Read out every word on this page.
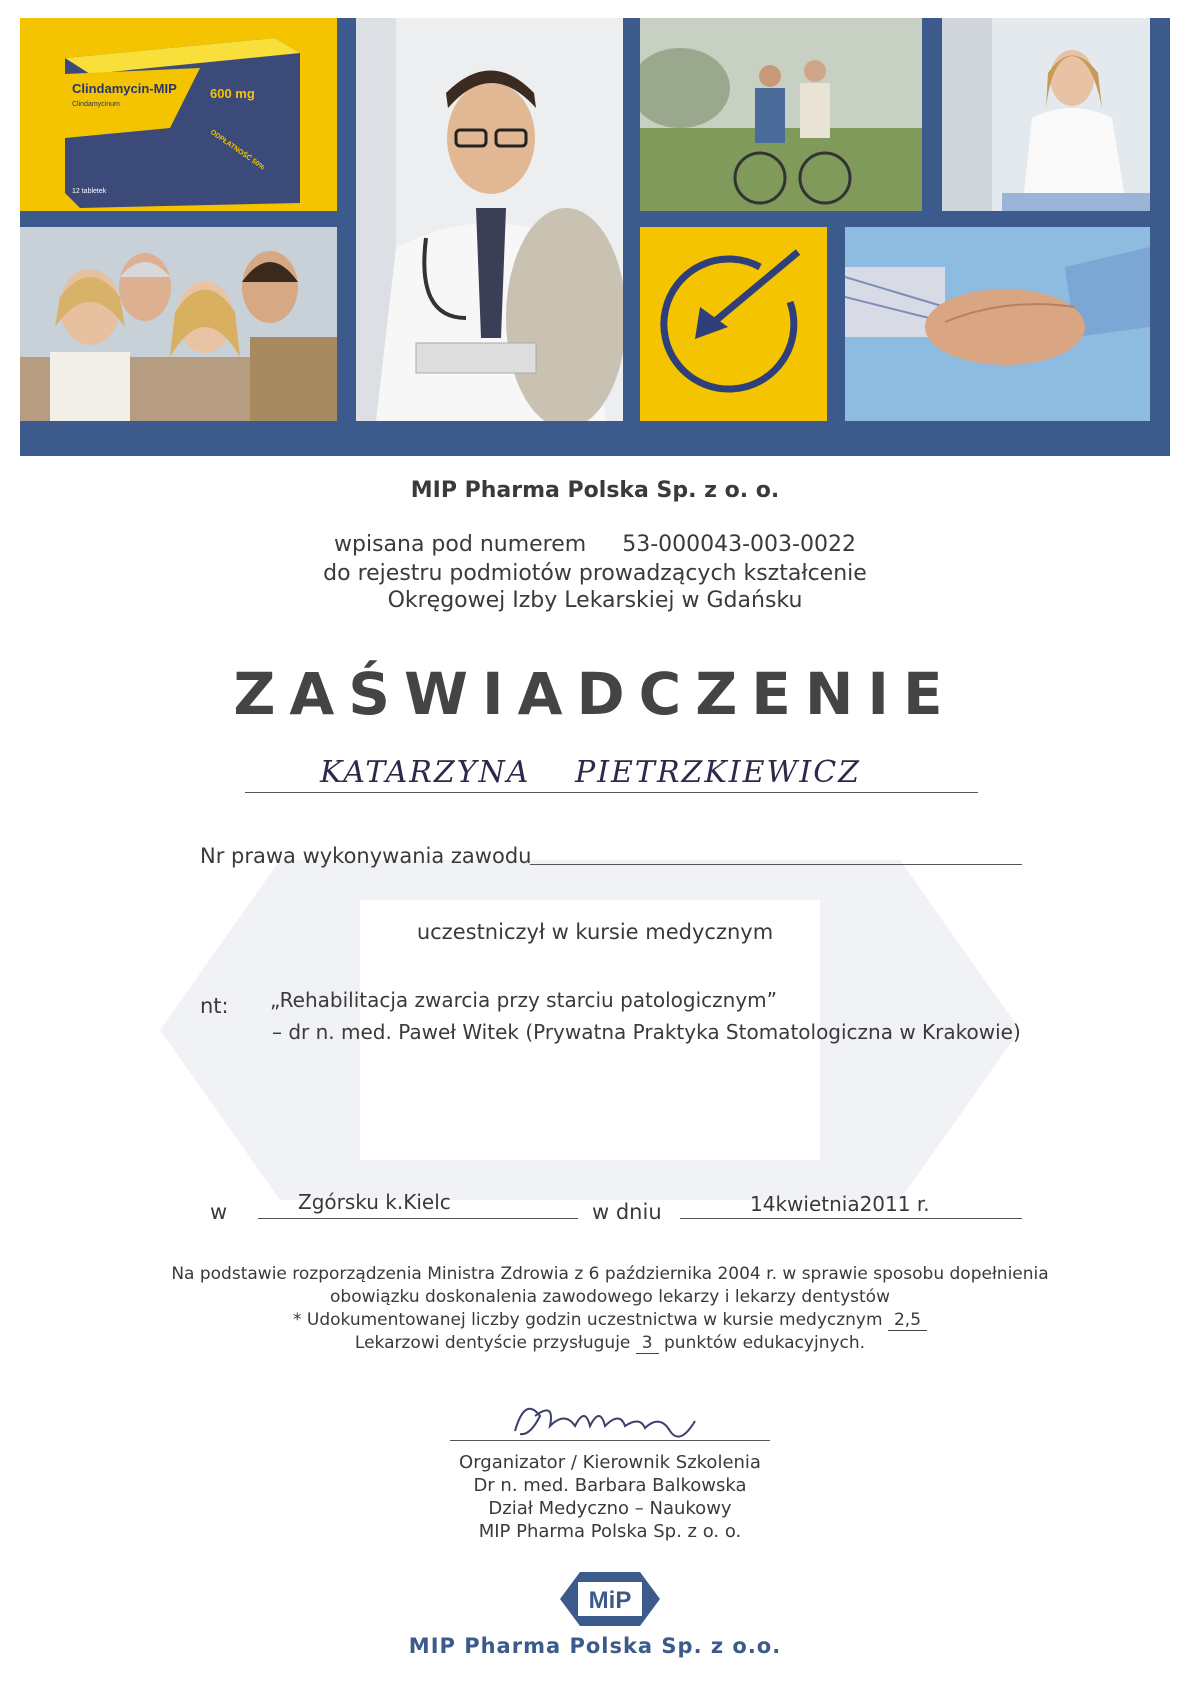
Clindamycin-MIP
Clindamycinum
600 mg
12 tabletek
ODPŁATNOŚĆ 50%
MIP Pharma Polska Sp. z o. o.
wpisana pod numerem 53-000043-003-0022
do rejestru podmiotów prowadzących kształcenie
Okręgowej Izby Lekarskiej w Gdańsku
ZAŚWIADCZENIE
KATARZYNA PIETRZKIEWICZ
Nr prawa wykonywania zawodu
uczestniczył w kursie medycznym
nt: „Rehabilitacja zwarcia przy starciu patologicznym”
– dr n. med. Paweł Witek (Prywatna Praktyka Stomatologiczna w Krakowie)
w	Zgórsku k.Kielc	w dniu	14kwietnia2011 r.
Na podstawie rozporządzenia Ministra Zdrowia z 6 października 2004 r. w sprawie sposobu dopełnienia
obowiązku doskonalenia zawodowego lekarzy i lekarzy dentystów
* Udokumentowanej liczby godzin uczestnictwa w kursie medycznym 2,5
Lekarzowi dentyście przysługuje 3 punktów edukacyjnych.
Organizator / Kierownik Szkolenia
Dr n. med. Barbara Balkowska
Dział Medyczno – Naukowy
MIP Pharma Polska Sp. z o. o.
MiP
MIP Pharma Polska Sp. z o.o.
